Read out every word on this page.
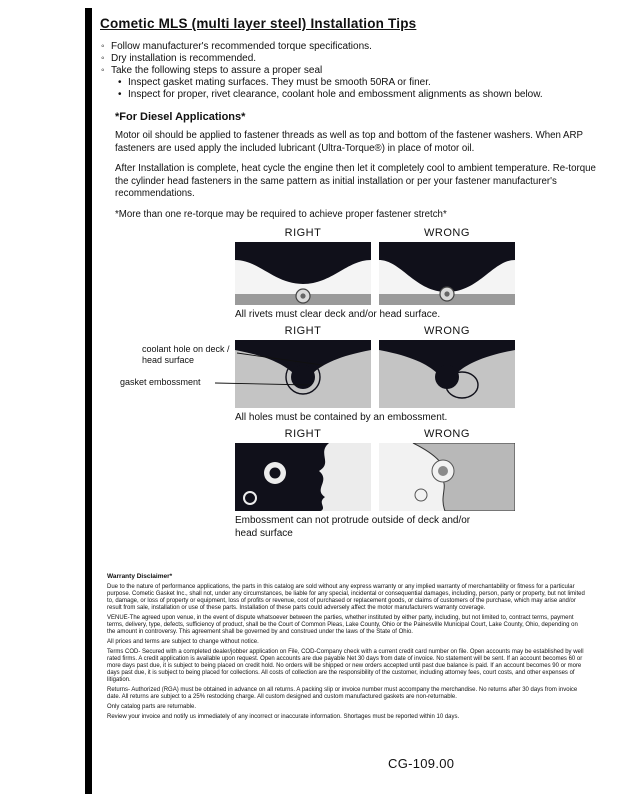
Cometic MLS (multi layer steel) Installation Tips
◦ Follow manufacturer's recommended torque specifications.
◦ Dry installation is recommended.
◦ Take the following steps to assure a proper seal
• Inspect gasket mating surfaces. They must be smooth 50RA or finer.
• Inspect for proper, rivet clearance, coolant hole and embossment alignments as shown below.
*For Diesel Applications*
Motor oil should be applied to fastener threads as well as top and bottom of the fastener washers. When ARP fasteners are used apply the included lubricant (Ultra-Torque®) in place of motor oil.
After Installation is complete, heat cycle the engine then let it completely cool to ambient temperature. Re-torque the cylinder head fasteners in the same pattern as initial installation or per your fastener manufacturer's recommendations.
*More than one re-torque may be required to achieve proper fastener stretch*
RIGHT	WRONG
All rivets must clear deck and/or head surface.
RIGHT	WRONG
All holes must be contained by an embossment.
coolant hole on deck / head surface
gasket embossment
RIGHT	WRONG
Embossment can not protrude outside of deck and/or head surface
Warranty Disclaimer*
Due to the nature of performance applications, the parts in this catalog are sold without any express warranty or any implied warranty of merchantability or fitness for a particular purpose. Cometic Gasket Inc., shall not, under any circumstances, be liable for any special, incidental or consequential damages, including, person, party or property, but not limited to, damage, or loss of property or equipment, loss of profits or revenue, cost of purchased or replacement goods, or claims of customers of the purchase, which may arise and/or result from sale, installation or use of these parts. Installation of these parts could adversely affect the motor manufacturers warranty coverage.
VENUE-The agreed upon venue, in the event of dispute whatsoever between the parties, whether instituted by either party, including, but not limited to, contract terms, payment terms, delivery, type, defects, sufficiency of product, shall be the Court of Common Pleas, Lake County, Ohio or the Painesville Municipal Court, Lake County, Ohio, depending on the amount in controversy. This agreement shall be governed by and construed under the laws of the State of Ohio.
All prices and terms are subject to change without notice.
Terms COD- Secured with a completed dealer/jobber application on File, COD-Company check with a current credit card number on file. Open accounts may be established by well rated firms. A credit application is available upon request. Open accounts are due payable Net 30 days from date of invoice. No statement will be sent. If an account becomes 60 or more days past due, it is subject to being placed on credit hold. No orders will be shipped or new orders accepted until past due balance is paid. If an account becomes 90 or more days past due, it is subject to being placed for collections. All costs of collection are the responsibility of the customer, including attorney fees, court costs, and other expenses of litigation.
Returns- Authorized (RGA) must be obtained in advance on all returns. A packing slip or invoice number must accompany the merchandise. No returns after 30 days from invoice date. All returns are subject to a 25% restocking charge. All custom designed and custom manufactured gaskets are non-returnable.
Only catalog parts are returnable.
Review your invoice and notify us immediately of any incorrect or inaccurate information. Shortages must be reported within 10 days.
CG-109.00
